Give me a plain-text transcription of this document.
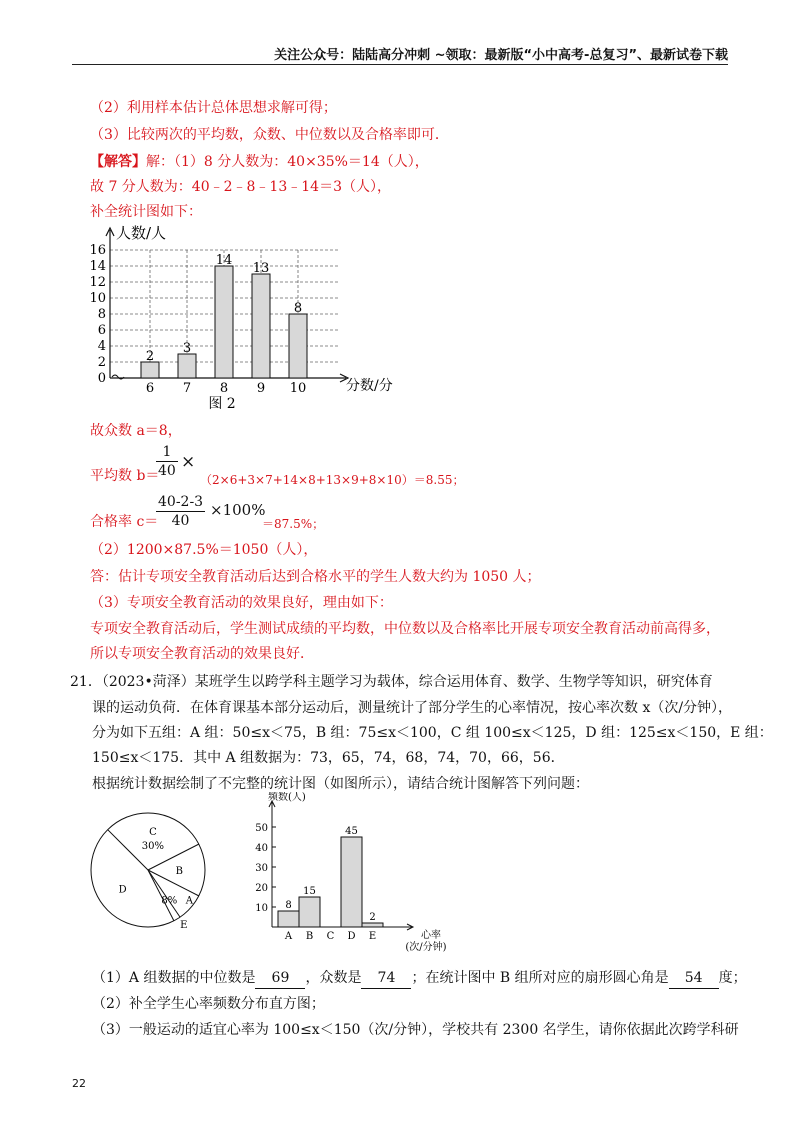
关注公众号：陆陆高分冲刺 ~领取：最新版“小中高考-总复习”、最新试卷下载
（2）利用样本估计总体思想求解可得；
（3）比较两次的平均数，众数、中位数以及合格率即可．
【解答】解：（1）8 分人数为：40×35%＝14（人），
故 7 分人数为：40﹣2﹣8﹣13﹣14＝3（人），
补全统计图如下：
0
2
4
6
8
10
12
14
16
人数/人
分数/分
图 2
2
6
3
7
14
8
13
9
8
10
故众数 a＝8，
平均数 b＝
1
40 ×
（2×6+3×7+14×8+13×9+8×10）＝8.55；
合格率 c＝
40-2-3
40
×100%
＝87.5%；
（2）1200×87.5%＝1050（人），
答：估计专项安全教育活动后达到合格水平的学生人数大约为 1050 人；
（3）专项安全教育活动的效果良好，理由如下：
专项安全教育活动后，学生测试成绩的平均数，中位数以及合格率比开展专项安全教育活动前高得多，
所以专项安全教育活动的效果良好．
21．（2023•菏泽）某班学生以跨学科主题学习为载体，综合运用体育、数学、生物学等知识，研究体育
课的运动负荷．在体育课基本部分运动后，测量统计了部分学生的心率情况，按心率次数 x（次/分钟），
分为如下五组：A 组：50≤x＜75，B 组：75≤x＜100，C 组 100≤x＜125，D 组：125≤x＜150，E 组：
150≤x＜175．其中 A 组数据为：73，65，74，68，74，70，66，56．
根据统计数据绘制了不完整的统计图（如图所示），请结合统计图解答下列问题：
C
30%
B
8% A
E
D
频数(人)
心率
(次/分钟)
10
20
30
40
50
8
A
15
B C
45
D
2
E
（1）A 组数据的中位数是 69 ，众数是 74 ；在统计图中 B 组所对应的扇形圆心角是 54 度；
（2）补全学生心率频数分布直方图；
（3）一般运动的适宜心率为 100≤x＜150（次/分钟），学校共有 2300 名学生，请你依据此次跨学科研
22
